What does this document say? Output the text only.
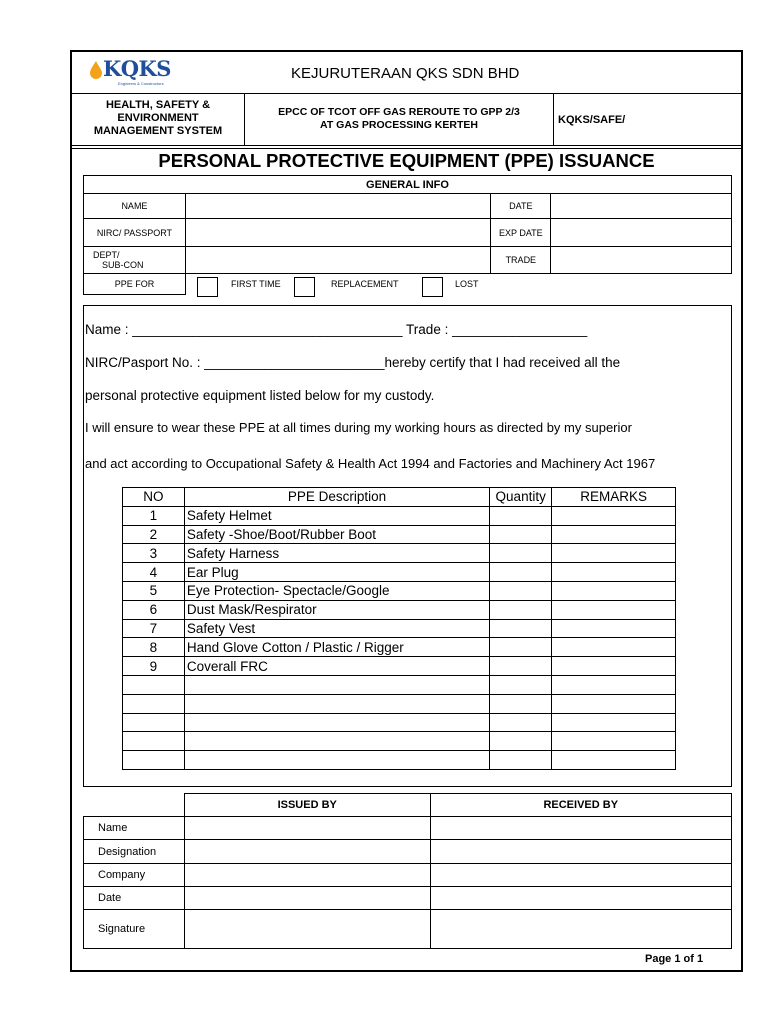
KQKS
Engineers & Constructors
KEJURUTERAAN QKS SDN BHD
HEALTH, SAFETY &
ENVIRONMENT
MANAGEMENT SYSTEM
EPCC OF TCOT OFF GAS REROUTE TO GPP 2/3
AT GAS PROCESSING KERTEH	KQKS/SAFE/
PERSONAL PROTECTIVE EQUIPMENT (PPE) ISSUANCE
GENERAL INFO			
NAME		DATE	
NIRC/ PASSPORT		EXP DATE	

DEPT/
SUB-CON		TRADE	
PPE FOR				FIRST TIME	REPLACEMENT	LOST
Name : ____________________________________ Trade : __________________
NIRC/Pasport No. : ________________________hereby certify that I had received all the
personal protective equipment listed below for my custody.
I will ensure to wear these PPE at all times during my working hours as directed by my superior
and act according to Occupational Safety & Health Act 1994 and Factories and Machinery Act 1967
NO	PPE Description	Quantity	REMARKS
1	Safety Helmet		
2	Safety -Shoe/Boot/Rubber Boot		
3	Safety Harness		
4	Ear Plug		
5	Eye Protection- Spectacle/Google		
6	Dust Mask/Respirator		
7	Safety Vest		
8	Hand Glove Cotton / Plastic / Rigger		
9	Coverall FRC		

	ISSUED BY	RECEIVED BY
Name		
Designation		
Company		
Date		
Signature		
Page 1 of 1
